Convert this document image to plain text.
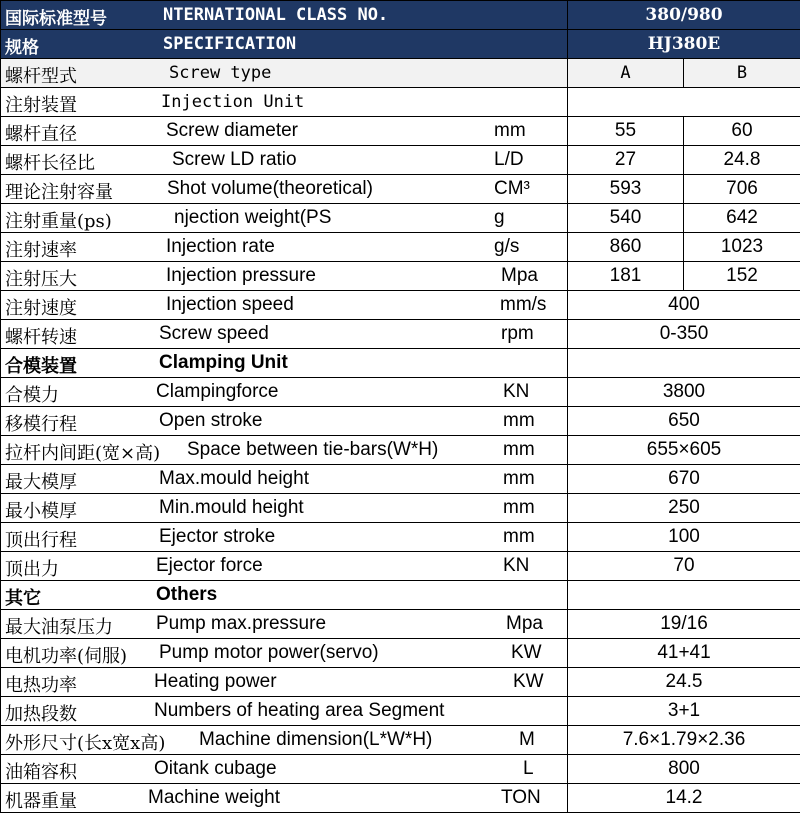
国际标准型号 NTERNATIONAL CLASS NO.	380/980	

规格 SPECIFICATION	HJ380E	

螺杆型式 Screw type	A	B

注射装置 Injection Unit		

螺杆直径 Screw diameter mm	55	60

螺杆长径比 Screw LD ratio L/D	27	24.8

理论注射容量 Shot volume(theoretical) CM³	593	706

注射重量(ps) njection weight(PS g	540	642

注射速率 Injection rate g/s	860	1023

注射压大 Injection pressure Mpa	181	152

注射速度 Injection speed mm/s	400	

螺杆转速 Screw speed rpm	0-350	

合模装置 Clamping Unit		

合模力 Clampingforce KN	3800	

移模行程 Open stroke mm	650	

拉杆内间距(宽×高) Space between tie-bars(W*H) mm	655×605	

最大模厚 Max.mould height mm	670	

最小模厚 Min.mould height mm	250	

顶出行程 Ejector stroke mm	100	

顶出力 Ejector force KN	70	

其它 Others		

最大油泵压力 Pump max.pressure Mpa	19/16	

电机功率(伺服) Pump motor power(servo) KW	41+41	

电热功率 Heating power KW	24.5	

加热段数 Numbers of heating area Segment	3+1	

外形尺寸(长x宽x高) Machine dimension(L*W*H) M	7.6×1.79×2.36	

油箱容积 Oitank cubage L	800	

机器重量 Machine weight TON	14.2	
